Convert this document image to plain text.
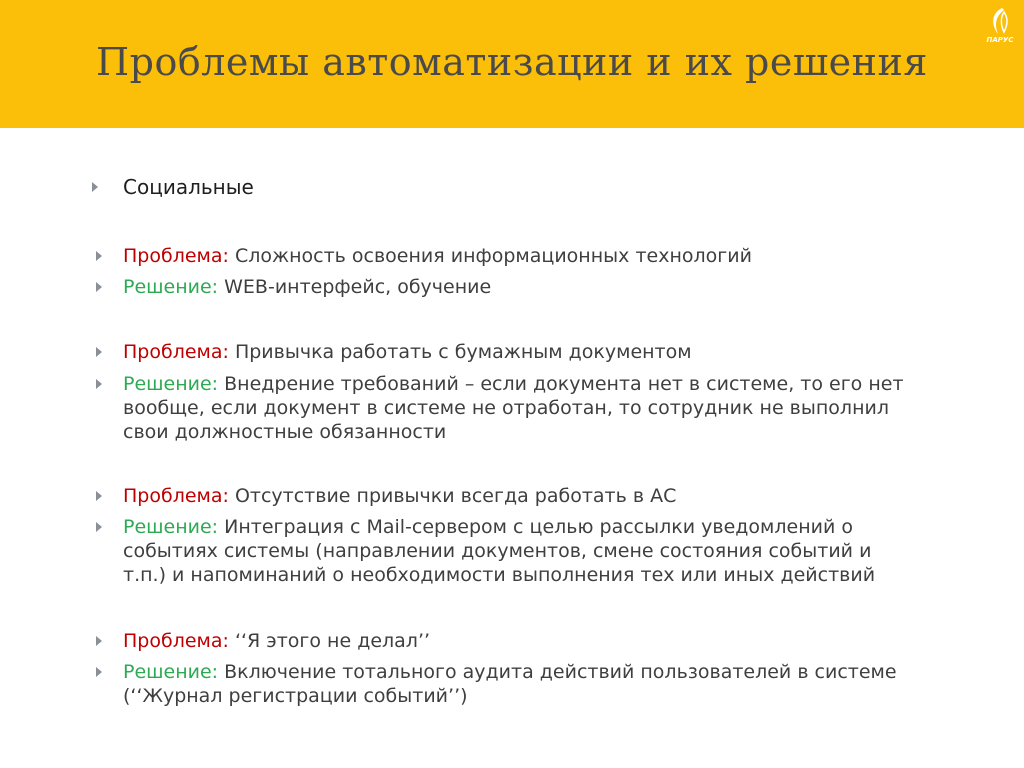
Проблемы автоматизации и их решения	ПАРУС
Социальные
Проблема: Сложность освоения информационных технологий
Решение: WEB-интерфейс, обучение
Проблема: Привычка работать с бумажным документом
Решение: Внедрение требований – если документа нет в системе, то его нет
вообще, если документ в системе не отработан, то сотрудник не выполнил
свои должностные обязанности
Проблема: Отсутствие привычки всегда работать в АС
Решение: Интеграция с Mail-сервером с целью рассылки уведомлений о
событиях системы (направлении документов, смене состояния событий и
т.п.) и напоминаний о необходимости выполнения тех или иных действий
Проблема: ‘‘Я этого не делал’’
Решение: Включение тотального аудита действий пользователей в системе
(‘‘Журнал регистрации событий’’)
